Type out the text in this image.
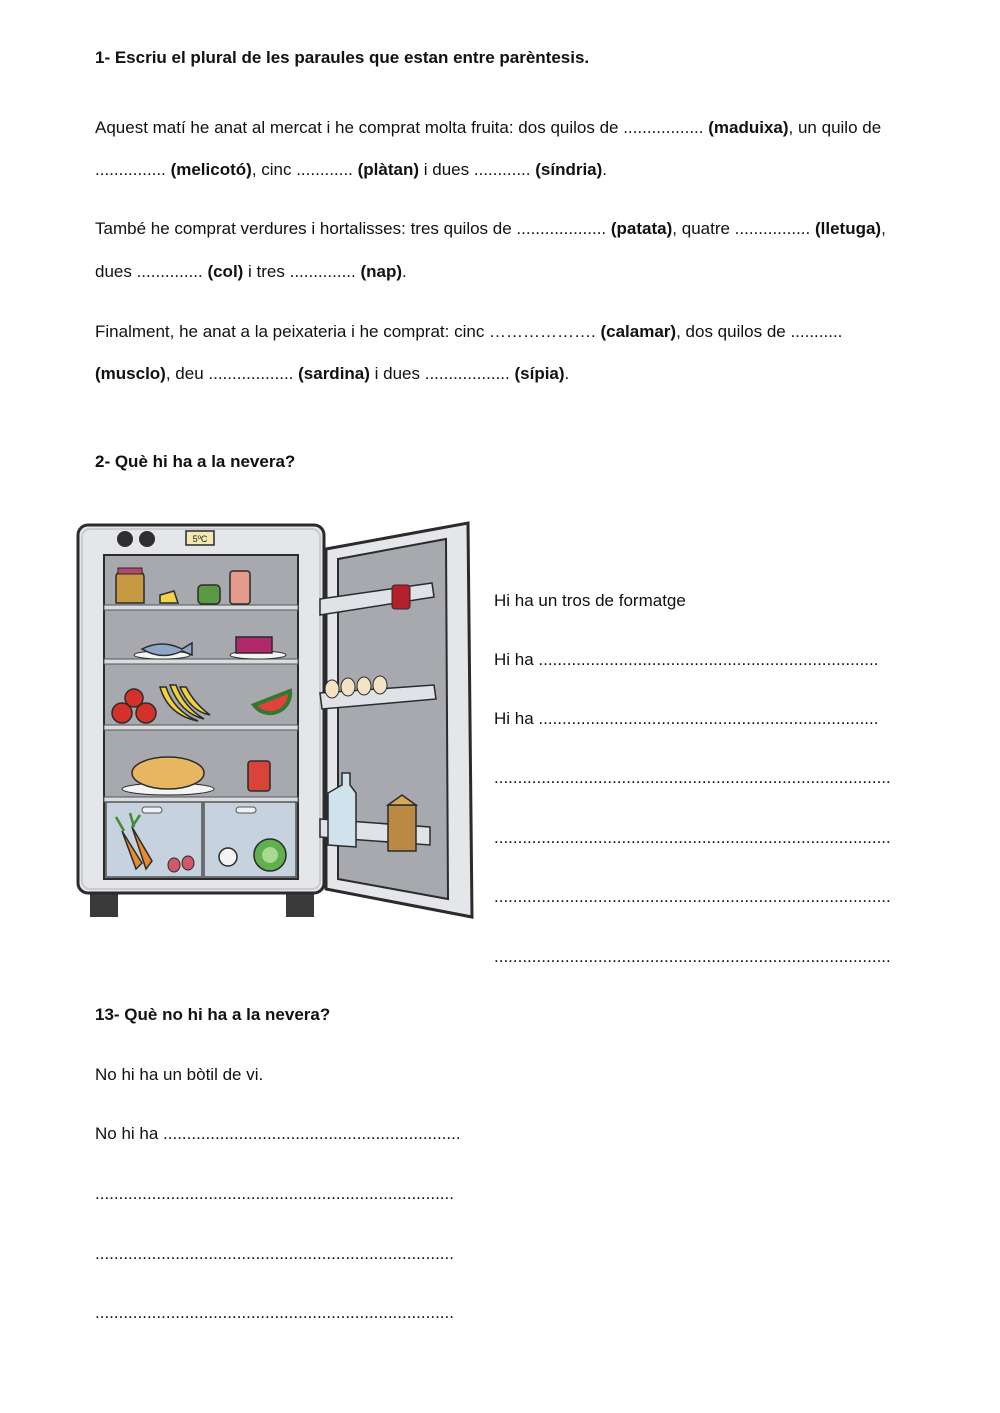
1- Escriu el plural de les paraules que estan entre parèntesis.
Aquest matí he anat al mercat i he comprat molta fruita: dos quilos de ................. (maduixa), un quilo de
............... (melicotó), cinc ............ (plàtan) i dues ............ (síndria).
També he comprat verdures i hortalisses: tres quilos de ................... (patata), quatre ................ (lletuga),
dues .............. (col) i tres .............. (nap).
Finalment, he anat a la peixateria i he comprat: cinc ………………. (calamar), dos quilos de ...........
(musclo), deu .................. (sardina) i dues .................. (sípia).
2- Què hi ha a la nevera?
5ºC
Hi ha un tros de formatge
Hi ha ........................................................................
Hi ha ........................................................................
....................................................................................
....................................................................................
....................................................................................
....................................................................................
13- Què no hi ha a la nevera?
No hi ha un bòtil de vi.
No hi ha ...............................................................
............................................................................
............................................................................
............................................................................
